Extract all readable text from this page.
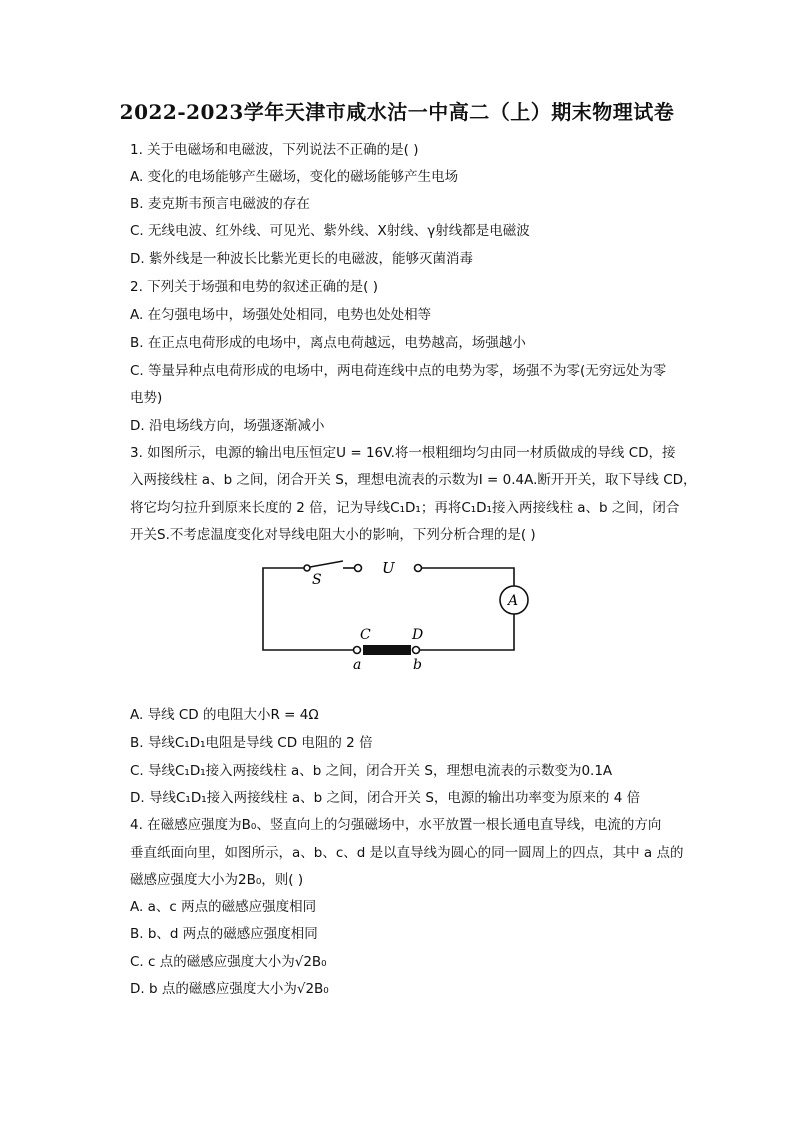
2022-2023学年天津市咸水沽一中高二（上）期末物理试卷
1. 关于电磁场和电磁波，下列说法不正确的是( )
A. 变化的电场能够产生磁场，变化的磁场能够产生电场
B. 麦克斯韦预言电磁波的存在
C. 无线电波、红外线、可见光、紫外线、X射线、γ射线都是电磁波
D. 紫外线是一种波长比紫光更长的电磁波，能够灭菌消毒
2. 下列关于场强和电势的叙述正确的是( )
A. 在匀强电场中，场强处处相同，电势也处处相等
B. 在正点电荷形成的电场中，离点电荷越远，电势越高，场强越小
C. 等量异种点电荷形成的电场中，两电荷连线中点的电势为零，场强不为零(无穷远处为零
电势)
D. 沿电场线方向，场强逐渐减小
3. 如图所示，电源的输出电压恒定U = 16V.将一根粗细均匀由同一材质做成的导线 CD，接
入两接线柱 a、b 之间，闭合开关 S，理想电流表的示数为I = 0.4A.断开开关，取下导线 CD，
将它均匀拉升到原来长度的 2 倍，记为导线C₁D₁；再将C₁D₁接入两接线柱 a、b 之间，闭合
开关S.不考虑温度变化对导线电阻大小的影响，下列分析合理的是( )
S
U
A
C	D
a	b
A. 导线 CD 的电阻大小R = 4Ω
B. 导线C₁D₁电阻是导线 CD 电阻的 2 倍
C. 导线C₁D₁接入两接线柱 a、b 之间，闭合开关 S，理想电流表的示数变为0.1A
D. 导线C₁D₁接入两接线柱 a、b 之间，闭合开关 S，电源的输出功率变为原来的 4 倍
4. 在磁感应强度为B₀、竖直向上的匀强磁场中，水平放置一根长通电直导线，电流的方向
垂直纸面向里，如图所示，a、b、c、d 是以直导线为圆心的同一圆周上的四点，其中 a 点的
磁感应强度大小为2B₀，则( )
A. a、c 两点的磁感应强度相同
B. b、d 两点的磁感应强度相同
C. c 点的磁感应强度大小为√2B₀
D. b 点的磁感应强度大小为√2B₀
